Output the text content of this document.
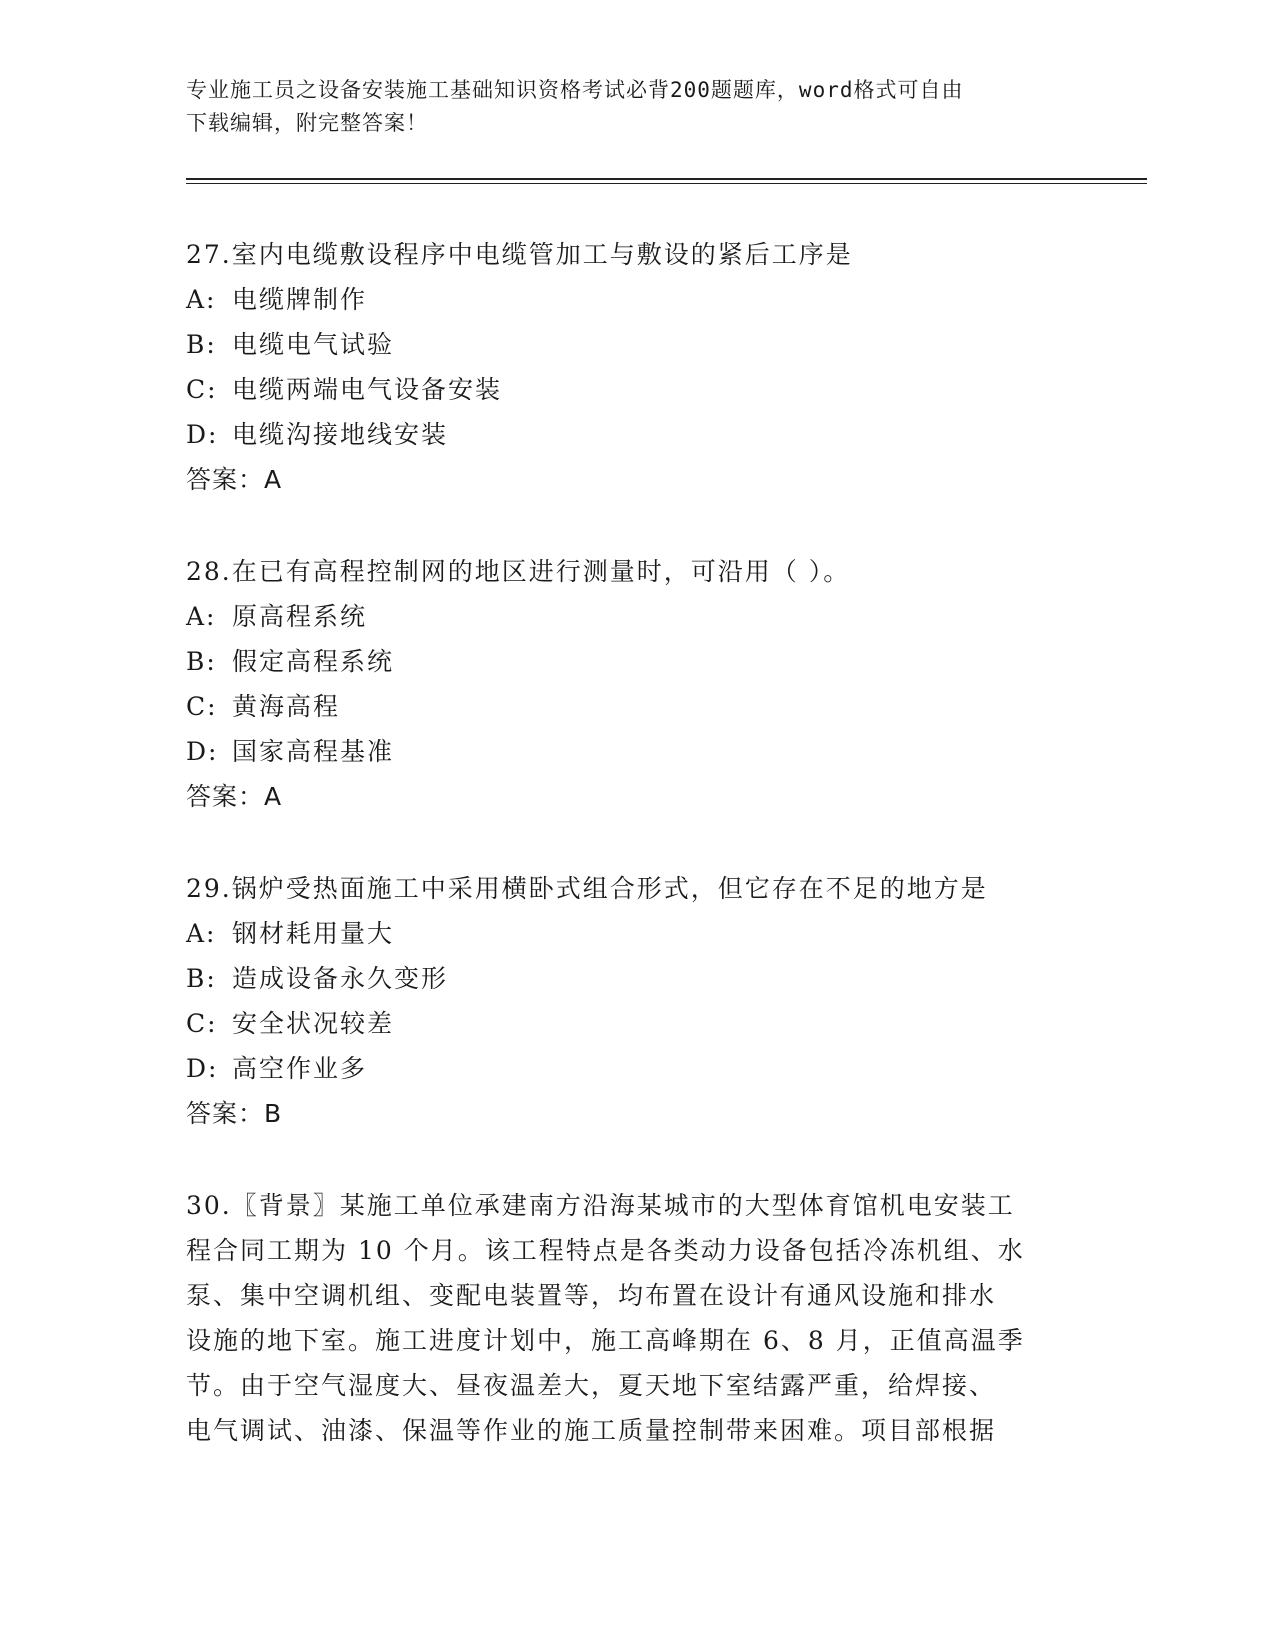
专业施工员之设备安装施工基础知识资格考试必背200题题库，word格式可自由
下载编辑，附完整答案！
27.室内电缆敷设程序中电缆管加工与敷设的紧后工序是
A: 电缆牌制作
B: 电缆电气试验
C: 电缆两端电气设备安装
D: 电缆沟接地线安装
答案：A
28.在已有高程控制网的地区进行测量时，可沿用（ ）。
A: 原高程系统
B: 假定高程系统
C: 黄海高程
D: 国家高程基准
答案：A
29.锅炉受热面施工中采用横卧式组合形式，但它存在不足的地方是
A: 钢材耗用量大
B: 造成设备永久变形
C: 安全状况较差
D: 高空作业多
答案：B
30.〖背景〗某施工单位承建南方沿海某城市的大型体育馆机电安装工
程合同工期为 10 个月。该工程特点是各类动力设备包括冷冻机组、水
泵、集中空调机组、变配电装置等，均布置在设计有通风设施和排水
设施的地下室。施工进度计划中，施工高峰期在 6、8 月，正值高温季
节。由于空气湿度大、昼夜温差大，夏天地下室结露严重，给焊接、
电气调试、油漆、保温等作业的施工质量控制带来困难。项目部根据
